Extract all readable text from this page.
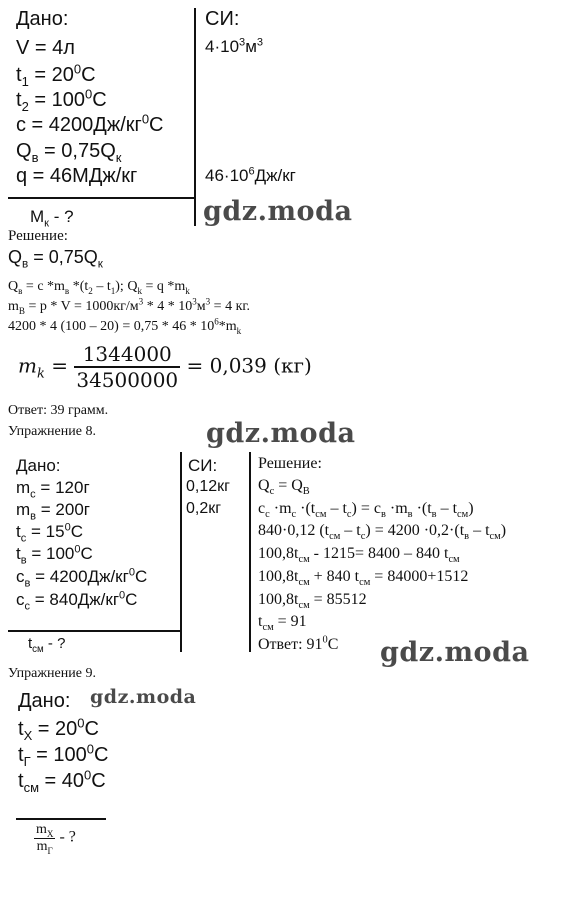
Дано:
V = 4л
$t_1 = 20^0C$
$t_2 = 100^0C$
$c = 4200Дж/кг^0C$
$Q_в = 0,75Q_к$
q = 46МДж/кг
$M_к$ - ?
СИ:
$4\cdot 10^3м^3$
$46\cdot 10^6Дж/кг$
gdz.moda
Решение:
$Q_в = 0,75Q_к$
$Q_в = c$ $*m_в$ $*(t_2 - t_1)$; $Q_k = q$ $*m_k$
$m_B = p * V = 1000кг/м^3 * 4 * 10^3м^3 = 4$ кг.
4200 * 4 $(100 - 20) = 0,75 * 46 * 10^6*m_k$
$m_k = \frac{1344000}{34500000} = 0,039$ (кг)
Ответ: 39 грамм.
Упражнение 8.	gdz.moda
Дано:
$m_c = 120г$
$m_в = 200г$
$t_c = 15^0C$
$t_в = 100^0C$
$c_в = 4200Дж/кг^0C$
$c_c = 840Дж/кг^0C$
$t_{см}$ - ?
СИ:
0,12кг
0,2кг
Решение:
$Q_c = Q_B$
$c_c \cdot m_c \cdot(t_{см} - t_c) = c_в \cdot m_в \cdot(t_в - t_{см})$
840·0,12 $(t_{см} - t_c) = 4200 \cdot 0,2\cdot(t_в - t_{см})$
$100,8t_{см} - 1215= 8400 - 840$ $t_{см}$
$100,8t_{см} + 840$ $t_{см} = 84000+1512$
$100,8t_{см} = 85512$
$t_{см} = 91$
Ответ: $91^0C$ gdz.moda
Упражнение 9.
Дано:
$t_X = 20^0C$
$t_Г = 100^0C$
$t_{см} = 40^0C$
$\frac{m_X}{m_Г}$ - ?
gdz.moda
